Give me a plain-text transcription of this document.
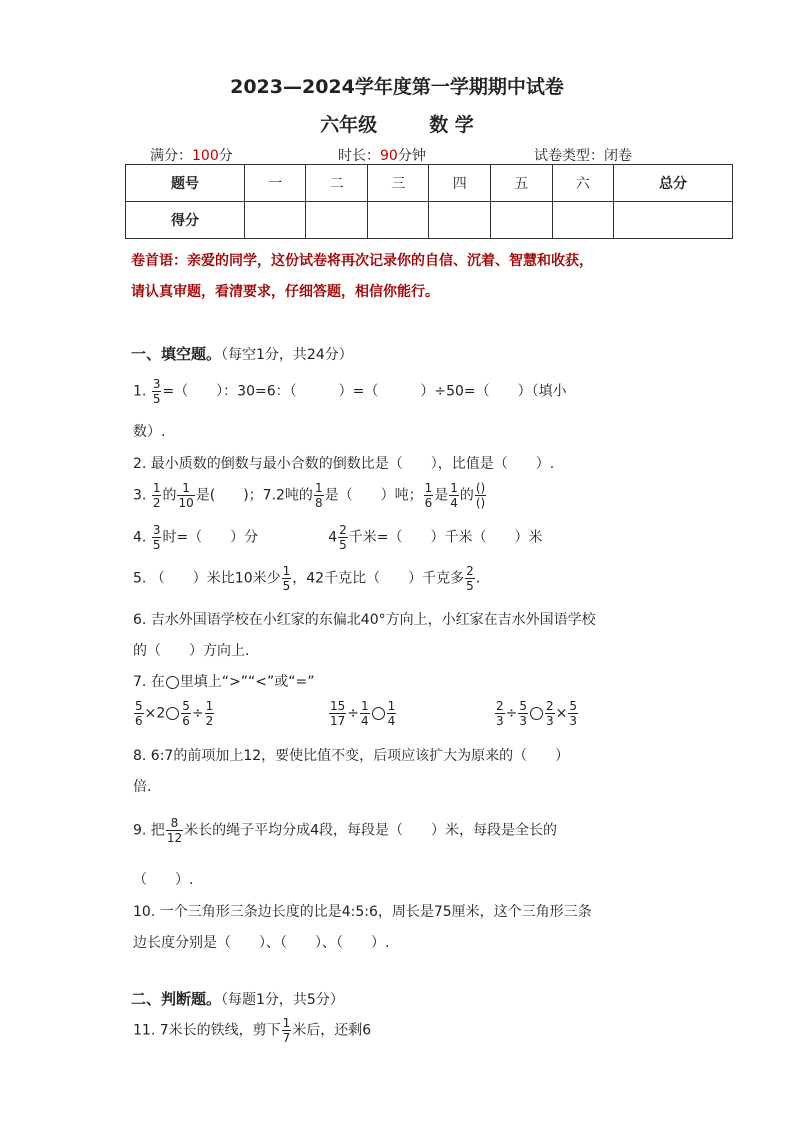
2023—2024学年度第一学期期中试卷
六年级	数 学
满分：100分	时长：90分钟	试卷类型：闭卷
题号	一	二	三	四	五	六	总分
得分							
卷首语：亲爱的同学，这份试卷将再次记录你的自信、沉着、智慧和收获，
请认真审题，看清要求，仔细答题，相信你能行。
一、填空题。（每空1分，共24分）
1. $\frac{3}{5}$ =（　　）：30=6：（　　　）=（　　　）÷50=（　　）（填小
数）.
2. 最小质数的倒数与最小合数的倒数比是（　　），比值是（　　）.
3. $\frac{1}{2}$ 的 $\frac{1}{10}$ 是(　　)；7.2吨的 $\frac{1}{8}$ 是（　　）吨； $\frac{1}{6}$ 是 $\frac{1}{4}$ 的 $\frac{()}{()}$
4. $\frac{3}{5}$ 时=（　　）分	$4 \frac{2}{5}$ 千米=（　　）千米（　　）米
5. （　　）米比10米少 $\frac{1}{5}$ ，42千克比（　　）千克多 $\frac{2}{5}$ .
6. 吉水外国语学校在小红家的东偏北40°方向上，小红家在吉水外国语学校
的（　　）方向上.
7. 在 里填上“>”“<”或“=”
$\frac{5}{6} \times 2 \frac{5}{6} \div \frac{1}{2}$	$\frac{15}{17} \div \frac{1}{4} \frac{1}{4}$	$\frac{2}{3} \div \frac{5}{3} \frac{2}{3} \times \frac{5}{3}$
8. 6:7的前项加上12，要使比值不变，后项应该扩大为原来的（　　）
倍.
9. 把 $\frac{8}{12}$ 米长的绳子平均分成4段，每段是（　　）米，每段是全长的
（　　）.
10. 一个三角形三条边长度的比是4:5:6，周长是75厘米，这个三角形三条
边长度分别是（　　）、（　　）、（　　）.
二、判断题。（每题1分，共5分）
11. 7米长的铁线，剪下 $\frac{1}{7}$ 米后，还剩6
